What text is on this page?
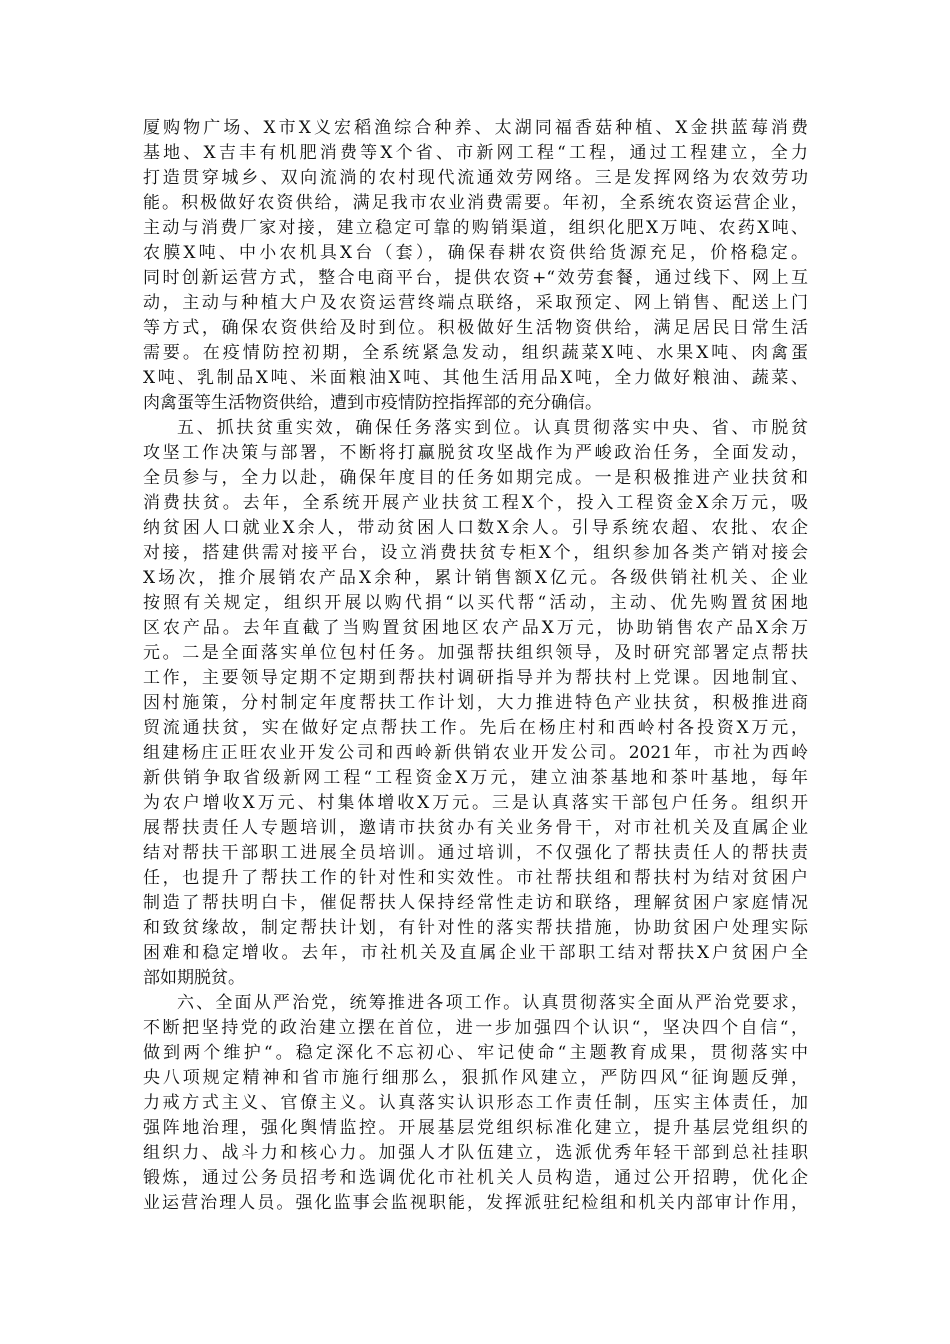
厦购物广场、X市X义宏稻渔综合种养、太湖同福香菇种植、X金拱蓝莓消费
基地、X吉丰有机肥消费等X个省、市新网工程“工程，通过工程建立，全力
打造贯穿城乡、双向流淌的农村现代流通效劳网络。三是发挥网络为农效劳功
能。积极做好农资供给，满足我市农业消费需要。年初，全系统农资运营企业，
主动与消费厂家对接，建立稳定可靠的购销渠道，组织化肥X万吨、农药X吨、
农膜X吨、中小农机具X台（套），确保春耕农资供给货源充足，价格稳定。
同时创新运营方式，整合电商平台，提供农资+“效劳套餐，通过线下、网上互
动，主动与种植大户及农资运营终端点联络，采取预定、网上销售、配送上门
等方式，确保农资供给及时到位。积极做好生活物资供给，满足居民日常生活
需要。在疫情防控初期，全系统紧急发动，组织蔬菜X吨、水果X吨、肉禽蛋
X吨、乳制品X吨、米面粮油X吨、其他生活用品X吨，全力做好粮油、蔬菜、
肉禽蛋等生活物资供给，遭到市疫情防控指挥部的充分确信。
五、抓扶贫重实效，确保任务落实到位。认真贯彻落实中央、省、市脱贫
攻坚工作决策与部署，不断将打赢脱贫攻坚战作为严峻政治任务，全面发动，
全员参与，全力以赴，确保年度目的任务如期完成。一是积极推进产业扶贫和
消费扶贫。去年，全系统开展产业扶贫工程X个，投入工程资金X余万元，吸
纳贫困人口就业X余人，带动贫困人口数X余人。引导系统农超、农批、农企
对接，搭建供需对接平台，设立消费扶贫专柜X个，组织参加各类产销对接会
X场次，推介展销农产品X余种，累计销售额X亿元。各级供销社机关、企业
按照有关规定，组织开展以购代捐“以买代帮“活动，主动、优先购置贫困地
区农产品。去年直截了当购置贫困地区农产品X万元，协助销售农产品X余万
元。二是全面落实单位包村任务。加强帮扶组织领导，及时研究部署定点帮扶
工作，主要领导定期不定期到帮扶村调研指导并为帮扶村上党课。因地制宜、
因村施策，分村制定年度帮扶工作计划，大力推进特色产业扶贫，积极推进商
贸流通扶贫，实在做好定点帮扶工作。先后在杨庄村和西岭村各投资X万元，
组建杨庄正旺农业开发公司和西岭新供销农业开发公司。2021年，市社为西岭
新供销争取省级新网工程“工程资金X万元，建立油茶基地和茶叶基地，每年
为农户增收X万元、村集体增收X万元。三是认真落实干部包户任务。组织开
展帮扶责任人专题培训，邀请市扶贫办有关业务骨干，对市社机关及直属企业
结对帮扶干部职工进展全员培训。通过培训，不仅强化了帮扶责任人的帮扶责
任，也提升了帮扶工作的针对性和实效性。市社帮扶组和帮扶村为结对贫困户
制造了帮扶明白卡，催促帮扶人保持经常性走访和联络，理解贫困户家庭情况
和致贫缘故，制定帮扶计划，有针对性的落实帮扶措施，协助贫困户处理实际
困难和稳定增收。去年，市社机关及直属企业干部职工结对帮扶X户贫困户全
部如期脱贫。
六、全面从严治党，统筹推进各项工作。认真贯彻落实全面从严治党要求，
不断把坚持党的政治建立摆在首位，进一步加强四个认识“，坚决四个自信“，
做到两个维护“。稳定深化不忘初心、牢记使命“主题教育成果，贯彻落实中
央八项规定精神和省市施行细那么，狠抓作风建立，严防四风“征询题反弹，
力戒方式主义、官僚主义。认真落实认识形态工作责任制，压实主体责任，加
强阵地治理，强化舆情监控。开展基层党组织标准化建立，提升基层党组织的
组织力、战斗力和核心力。加强人才队伍建立，选派优秀年轻干部到总社挂职
锻炼，通过公务员招考和选调优化市社机关人员构造，通过公开招聘，优化企
业运营治理人员。强化监事会监视职能，发挥派驻纪检组和机关内部审计作用，
